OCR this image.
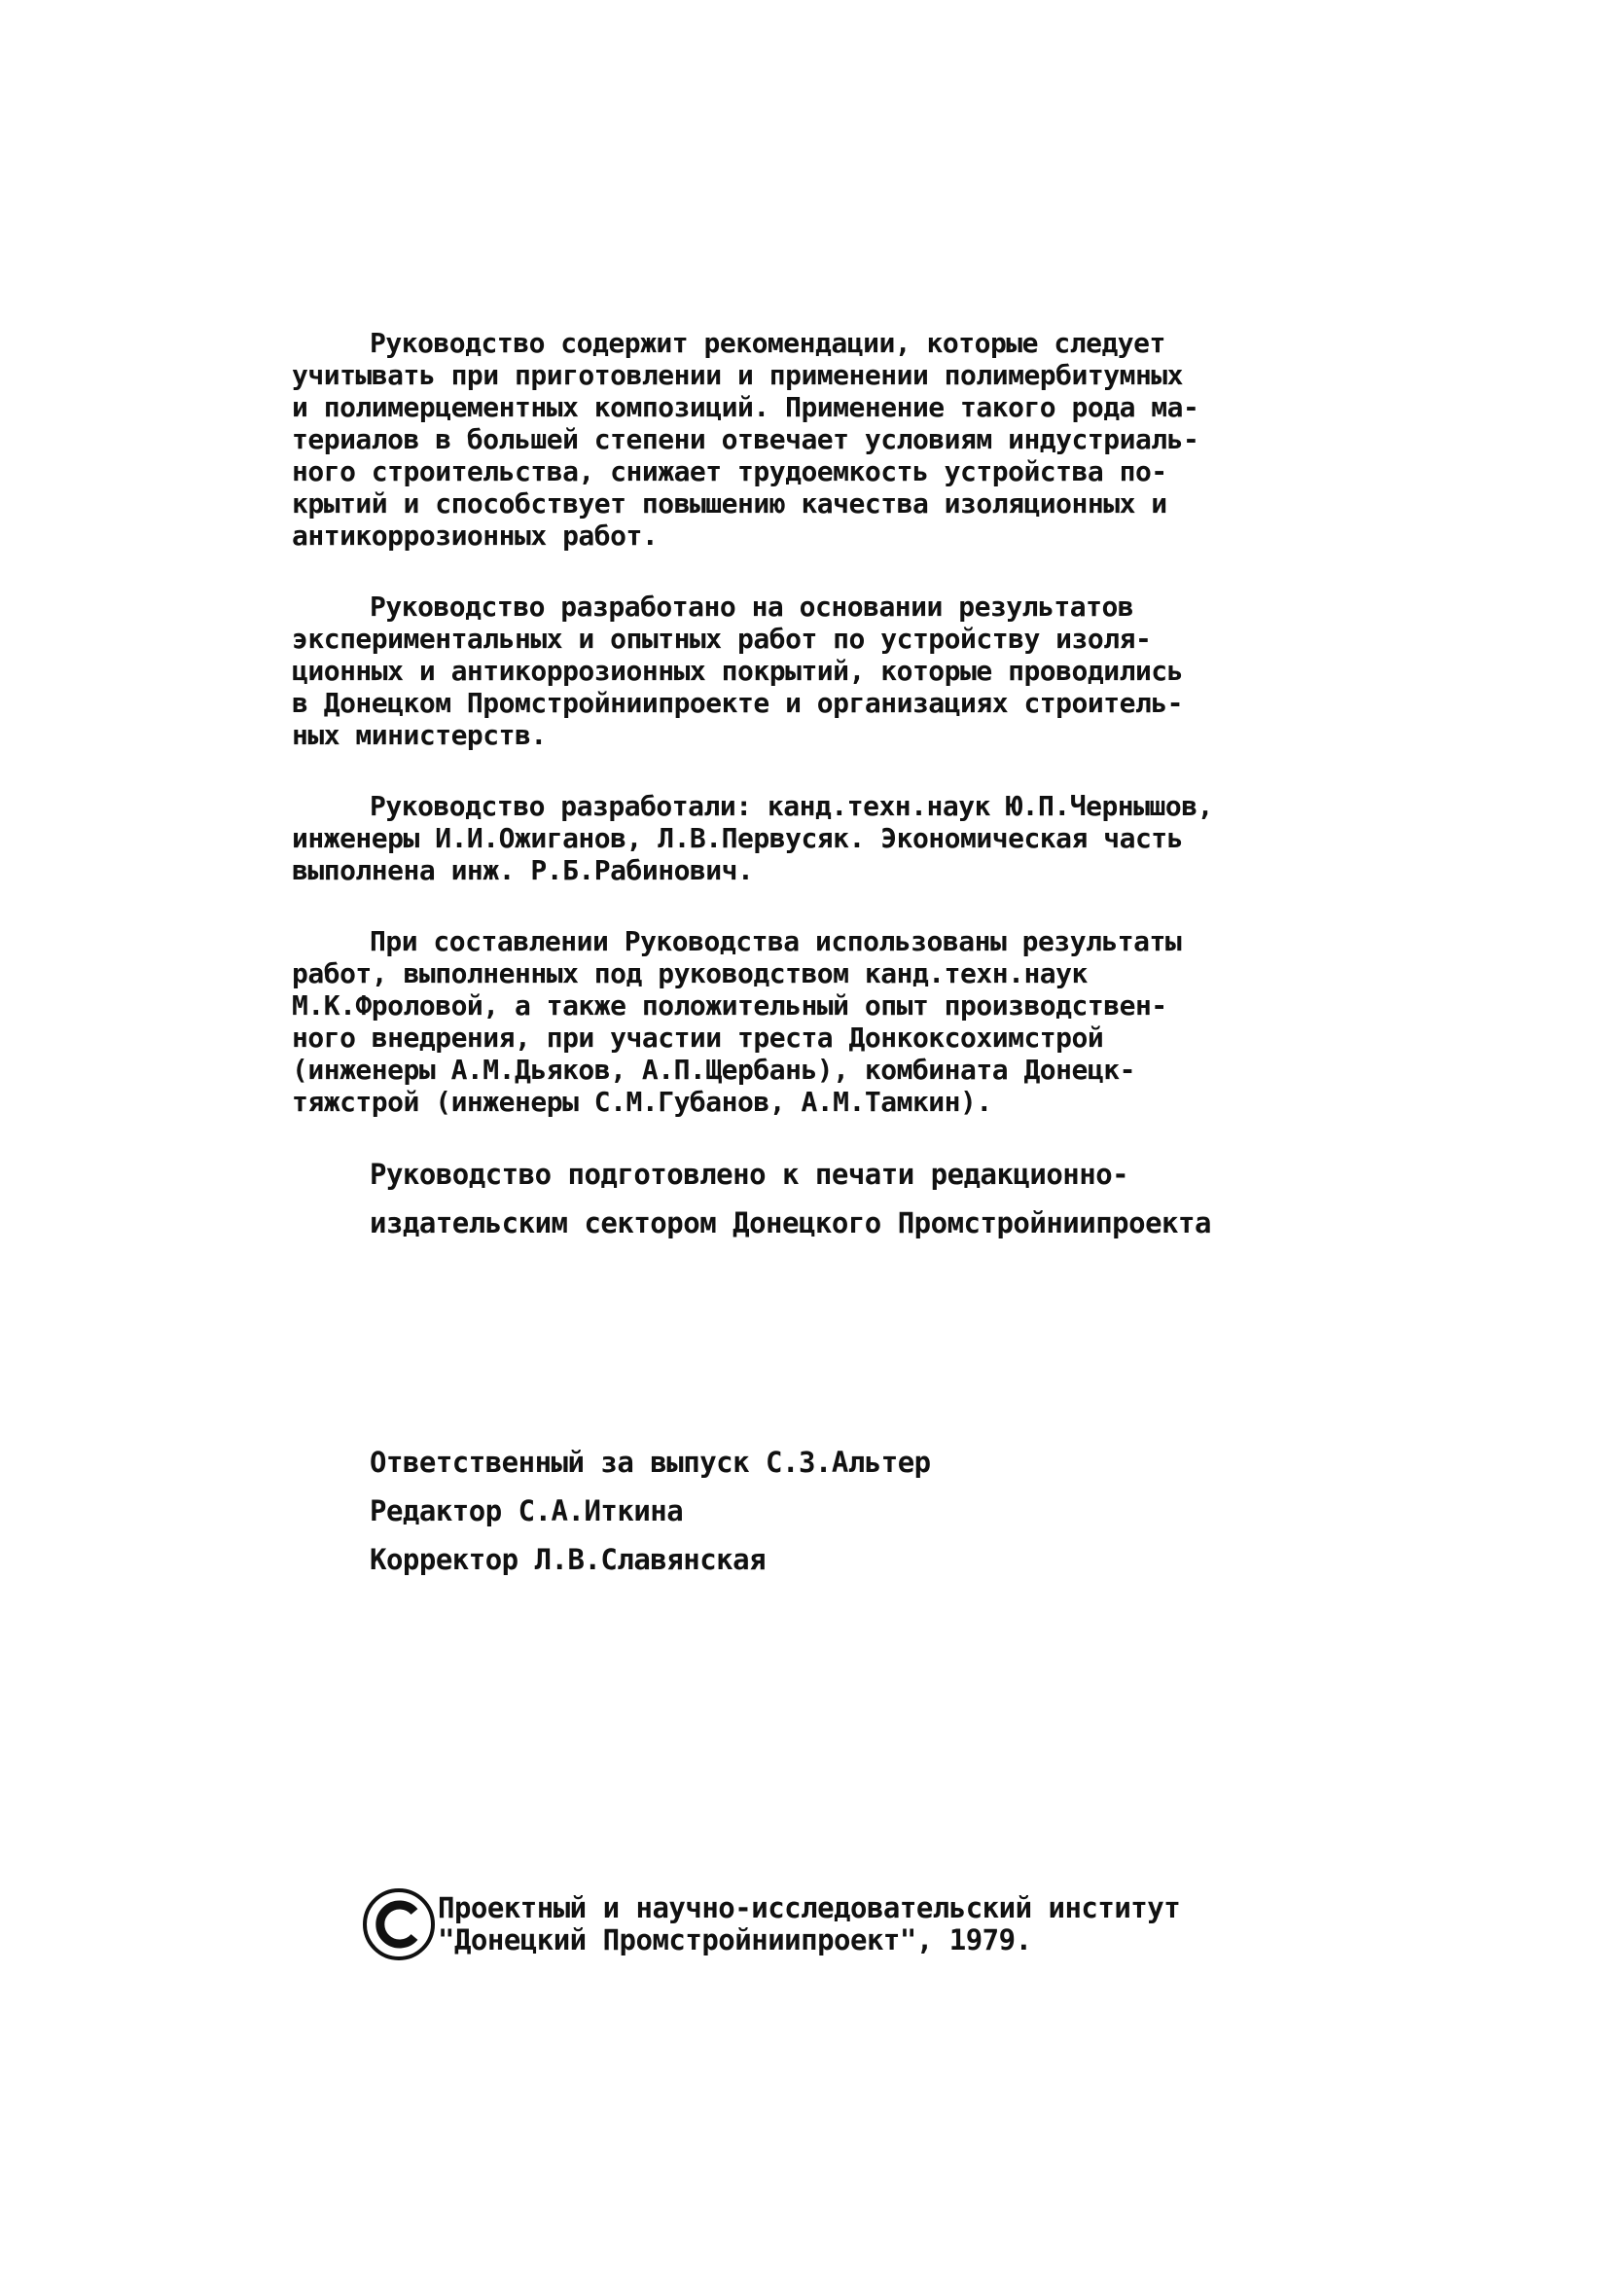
Руководство содержит рекомендации, которые следует
учитывать при приготовлении и применении полимербитумных
и полимерцементных композиций. Применение такого рода ма-
териалов в большей степени отвечает условиям индустриаль-
ного строительства, снижает трудоемкость устройства по-
крытий и способствует повышению качества изоляционных и
антикоррозионных работ.

Руководство разработано на основании результатов
экспериментальных и опытных работ по устройству изоля-
ционных и антикоррозионных покрытий, которые проводились
в Донецком Промстройниипроекте и организациях строитель-
ных министерств.

Руководство разработали: канд.техн.наук Ю.П.Чернышов,
инженеры И.И.Ожиганов, Л.В.Первусяк. Экономическая часть
выполнена инж. Р.Б.Рабинович.

При составлении Руководства использованы результаты
работ, выполненных под руководством канд.техн.наук
М.К.Фроловой, а также положительный опыт производствен-
ного внедрения, при участии треста Донкоксохимстрой
(инженеры А.М.Дьяков, А.П.Щербань), комбината Донецк-
тяжстрой (инженеры С.М.Губанов, А.М.Тамкин).

Руководство подготовлено к печати редакционно-
издательским сектором Донецкого Промстройниипроекта
Ответственный за выпуск С.З.Альтер
Редактор С.А.Иткина
Корректор Л.В.Славянская
Проектный и научно-исследовательский институт
"Донецкий Промстройниипроект", 1979.
